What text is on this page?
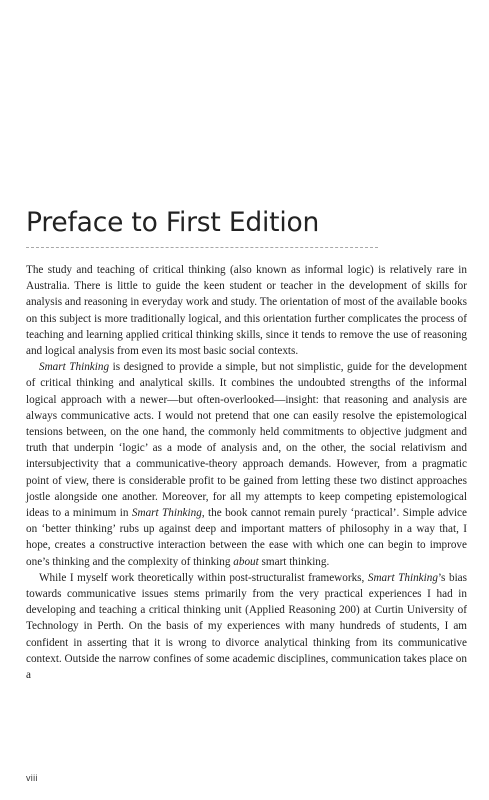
Preface to First Edition

The study and teaching of critical thinking (also known as informal logic) is relatively rare in Australia. There is little to guide the keen student or teacher in the development of skills for analysis and reasoning in everyday work and study. The orientation of most of the available books on this subject is more traditionally logical, and this orientation further complicates the process of teaching and learning applied critical thinking skills, since it tends to remove the use of reasoning and logical analysis from even its most basic social contexts.

Smart Thinking is designed to provide a simple, but not simplistic, guide for the development of critical thinking and analytical skills. It combines the undoubted strengths of the informal logical approach with a newer—but often-overlooked—insight: that reasoning and analysis are always communicative acts. I would not pretend that one can easily resolve the epistemological tensions between, on the one hand, the commonly held commitments to objective judgment and truth that underpin ‘logic’ as a mode of analysis and, on the other, the social relativism and intersubjectivity that a communicative-theory approach demands. However, from a pragmatic point of view, there is considerable profit to be gained from letting these two distinct approaches jostle alongside one another. Moreover, for all my attempts to keep competing epistemological ideas to a minimum in Smart Thinking, the book cannot remain purely ‘practical’. Simple advice on ‘better thinking’ rubs up against deep and important matters of philosophy in a way that, I hope, creates a constructive interaction between the ease with which one can begin to improve one’s thinking and the complexity of thinking about smart thinking.

While I myself work theoretically within post-structuralist frameworks, Smart Thinking’s bias towards communicative issues stems primarily from the very practical experiences I had in developing and teaching a critical thinking unit (Applied Reasoning 200) at Curtin University of Technology in Perth. On the basis of my experiences with many hundreds of students, I am confident in asserting that it is wrong to divorce analytical thinking from its communicative context. Outside the narrow confines of some academic disciplines, communication takes place on a

viii
